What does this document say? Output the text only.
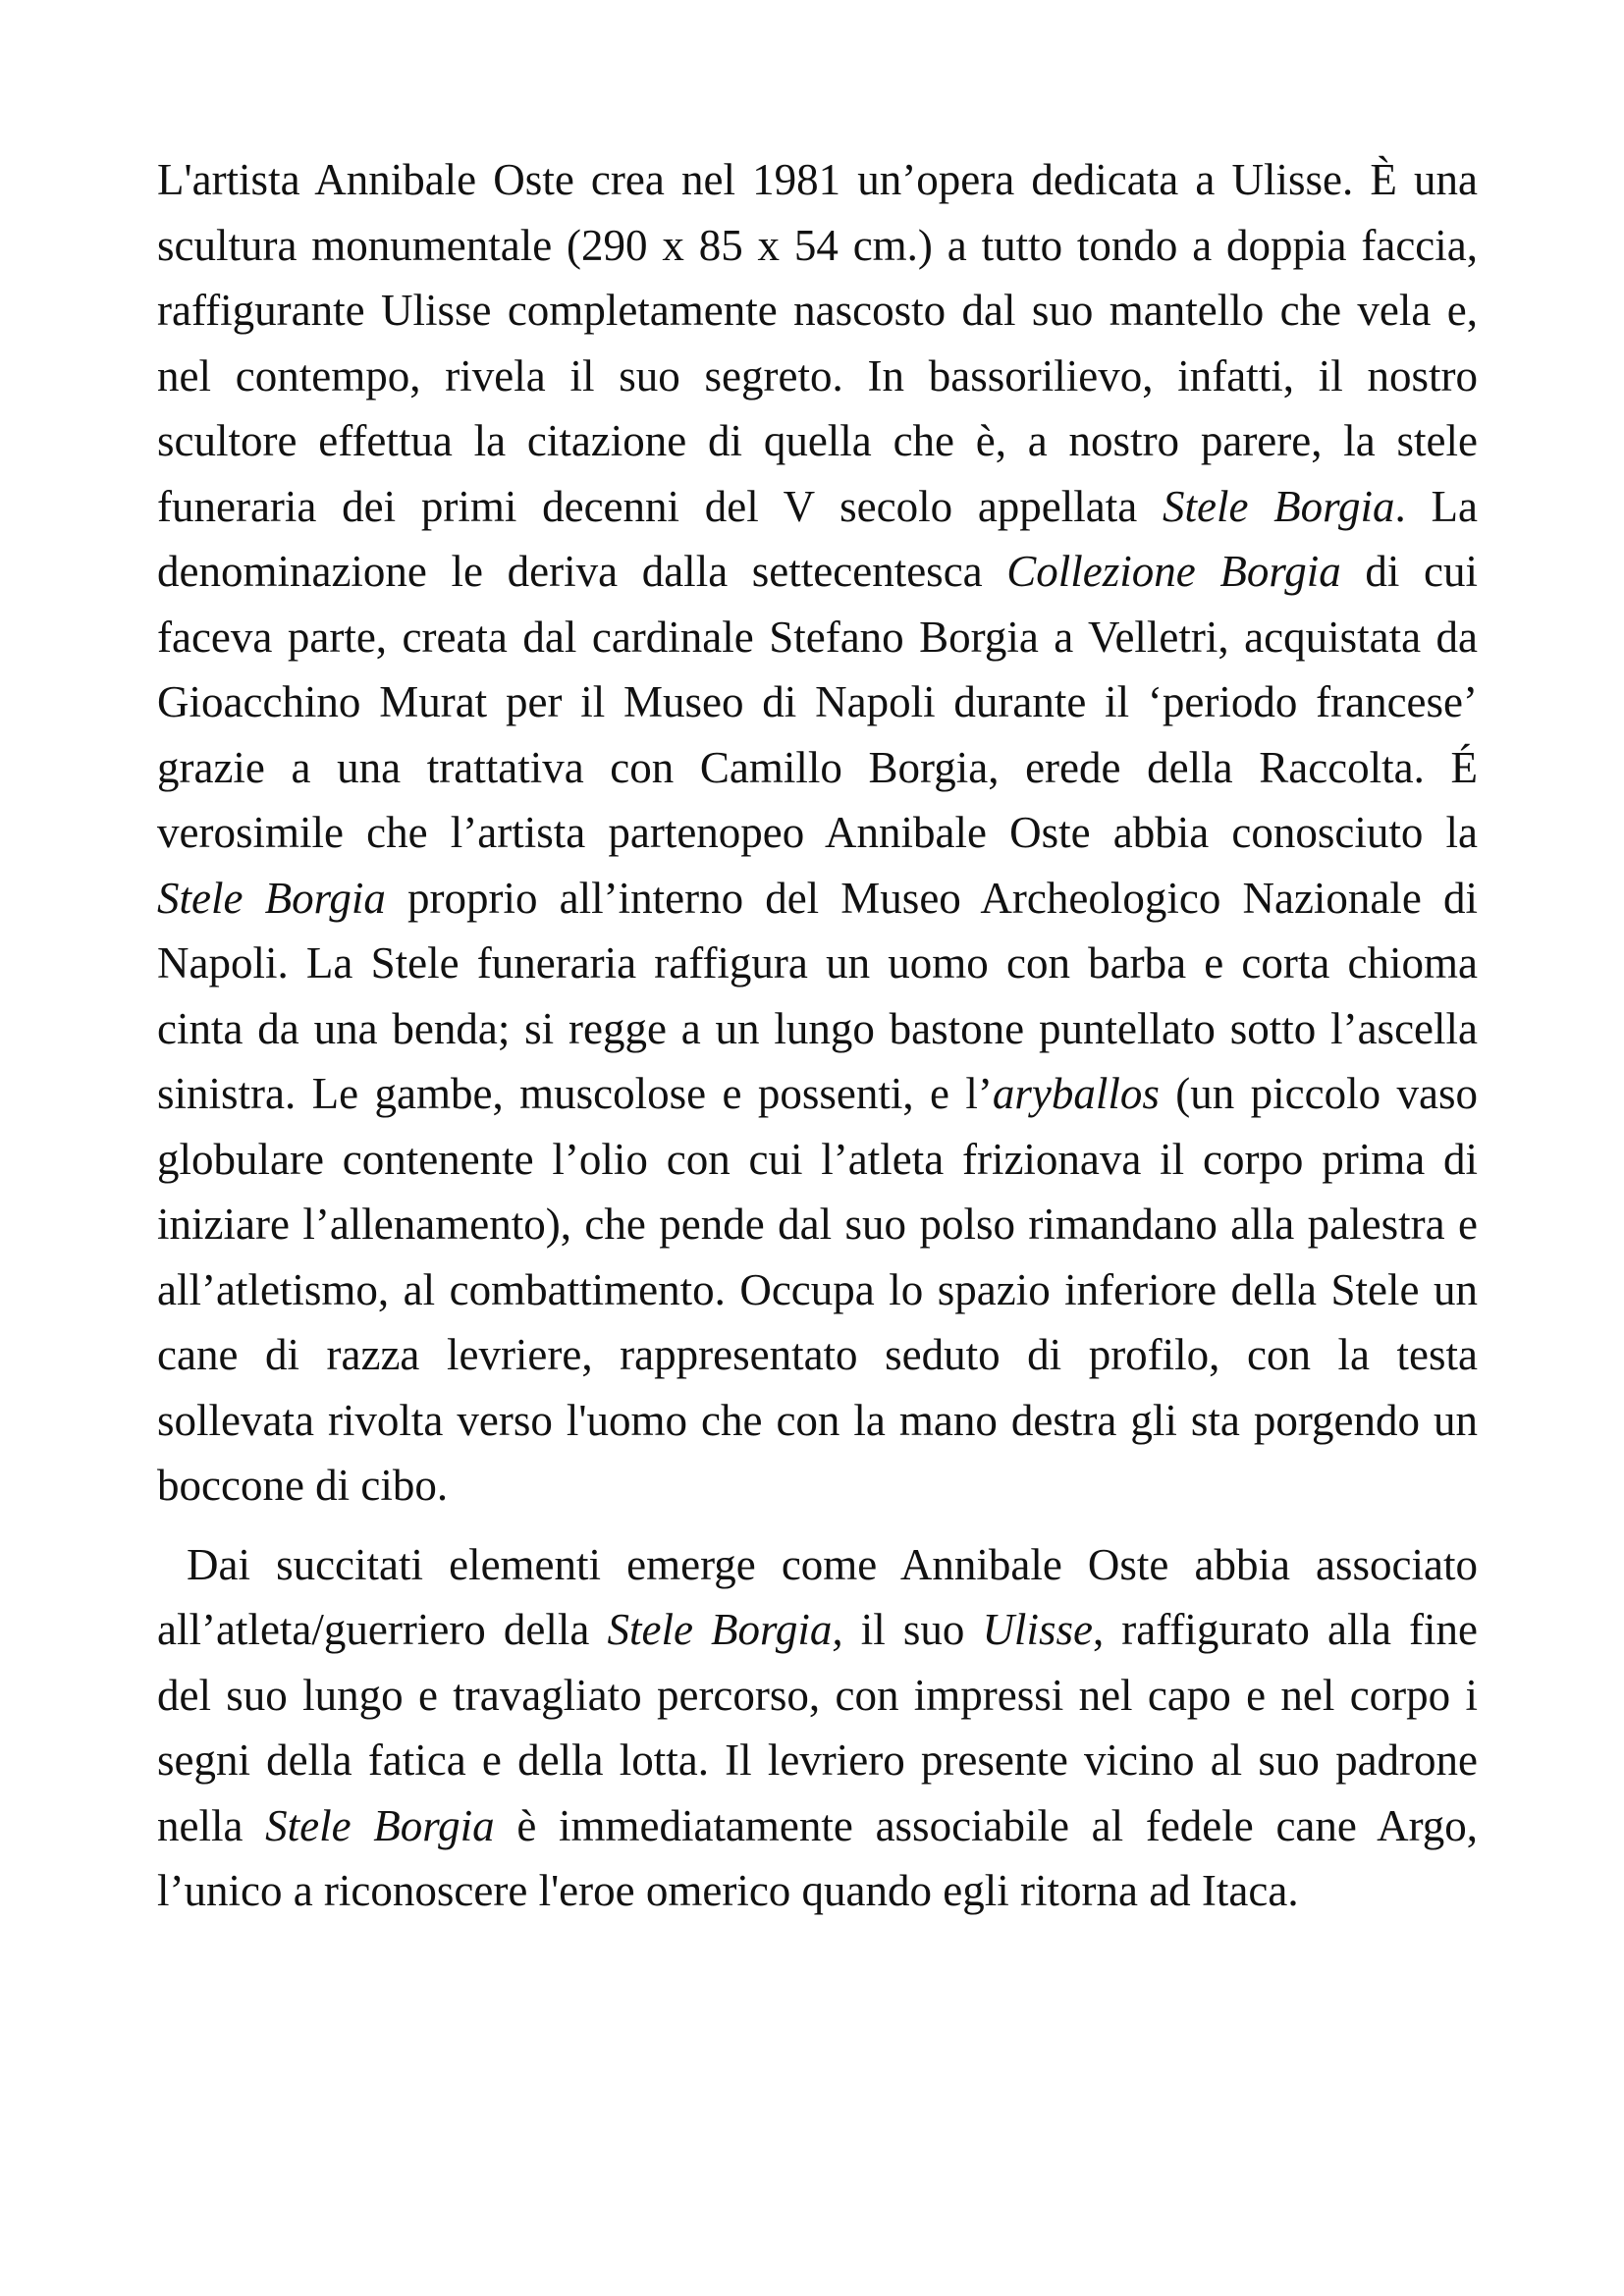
L'artista Annibale Oste crea nel 1981 un’opera dedicata a Ulisse. È una scultura monumentale (290 x 85 x 54 cm.) a tutto tondo a doppia faccia, raffigurante Ulisse completamente nascosto dal suo mantello che vela e, nel contempo, rivela il suo segreto. In bassorilievo, infatti, il nostro scultore effettua la citazione di quella che è, a nostro parere, la stele funeraria dei primi decenni del V secolo appellata Stele Borgia. La denominazione le deriva dalla settecentesca Collezione Borgia di cui faceva parte, creata dal cardinale Stefano Borgia a Velletri, acquistata da Gioacchino Murat per il Museo di Napoli durante il ‘periodo francese’ grazie a una trattativa con Camillo Borgia, erede della Raccolta. É verosimile che l’artista partenopeo Annibale Oste abbia conosciuto la Stele Borgia proprio all’interno del Museo Archeologico Nazionale di Napoli. La Stele funeraria raffigura un uomo con barba e corta chioma cinta da una benda; si regge a un lungo bastone puntellato sotto l’ascella sinistra. Le gambe, muscolose e possenti, e l’aryballos (un piccolo vaso globulare contenente l’olio con cui l’atleta frizionava il corpo prima di iniziare l’allenamento), che pende dal suo polso rimandano alla palestra e all’atletismo, al combattimento. Occupa lo spazio inferiore della Stele un cane di razza levriere, rappresentato seduto di profilo, con la testa sollevata rivolta verso l'uomo che con la mano destra gli sta porgendo un boccone di cibo.

Dai succitati elementi emerge come Annibale Oste abbia associato all’atleta/guerriero della Stele Borgia, il suo Ulisse, raffigurato alla fine del suo lungo e travagliato percorso, con impressi nel capo e nel corpo i segni della fatica e della lotta. Il levriero presente vicino al suo padrone nella Stele Borgia è immediatamente associabile al fedele cane Argo, l’unico a riconoscere l'eroe omerico quando egli ritorna ad Itaca.
